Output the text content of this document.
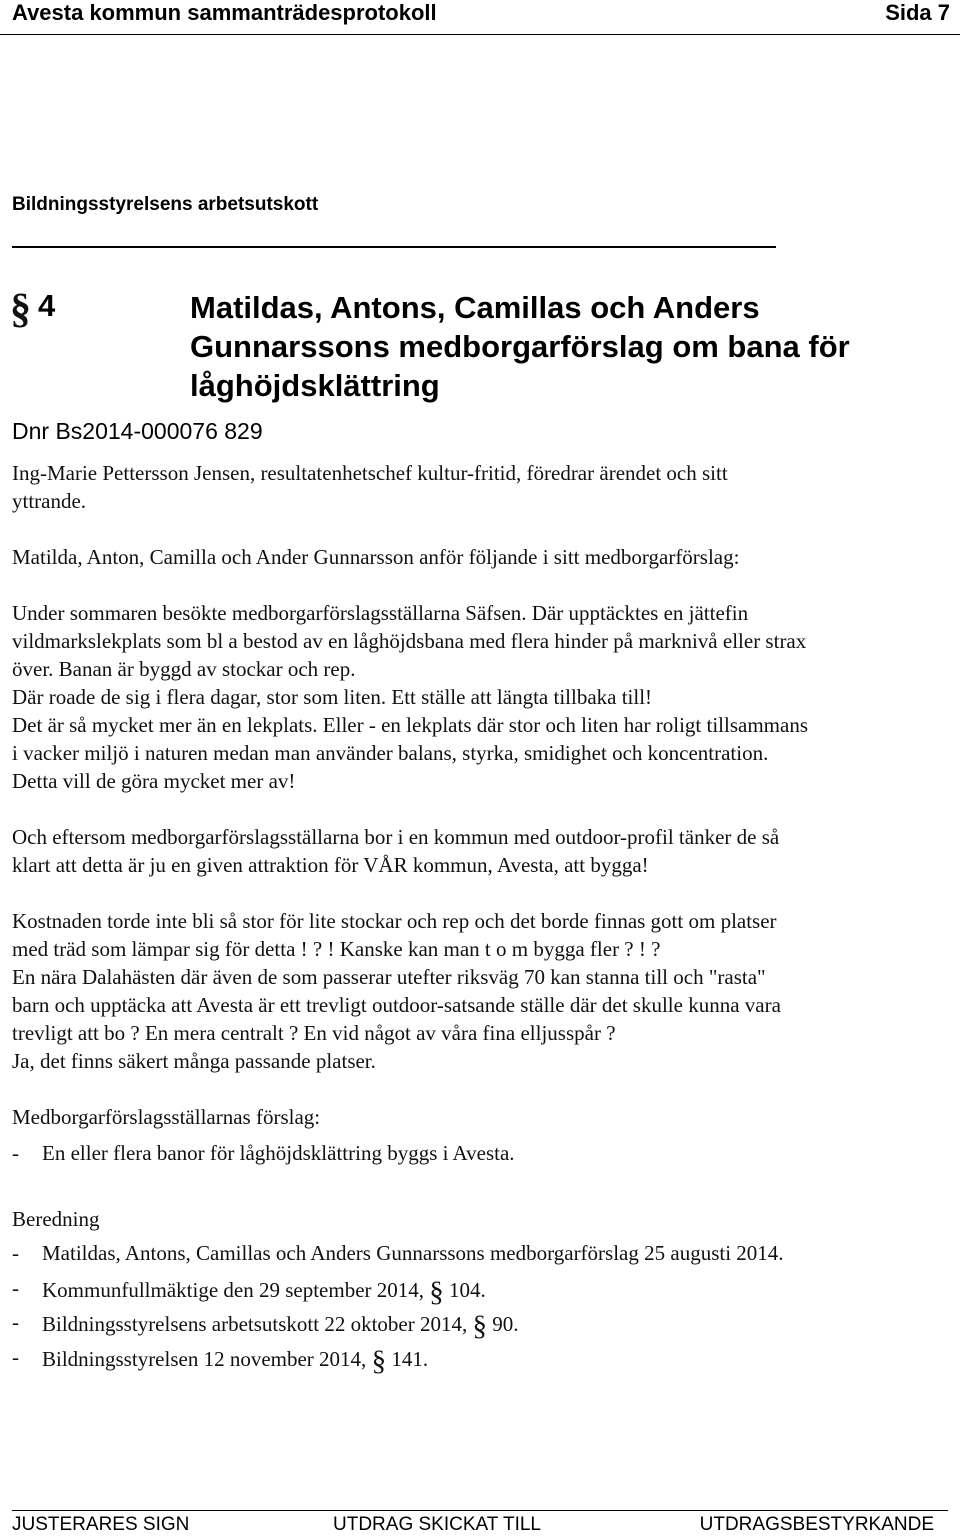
Avesta kommun sammanträdesprotokoll	Sida 7
Bildningsstyrelsens arbetsutskott
§ 4	Matildas, Antons, Camillas och Anders Gunnarssons medborgarförslag om bana för låghöjdsklättring
Dnr Bs2014-000076 829
Ing-Marie Pettersson Jensen, resultatenhetschef kultur-fritid, föredrar ärendet och sitt
yttrande.
Matilda, Anton, Camilla och Ander Gunnarsson anför följande i sitt medborgarförslag:
Under sommaren besökte medborgarförslagsställarna Säfsen. Där upptäcktes en jättefin
vildmarkslekplats som bl a bestod av en låghöjdsbana med flera hinder på marknivå eller strax
över. Banan är byggd av stockar och rep.
Där roade de sig i flera dagar, stor som liten. Ett ställe att längta tillbaka till!
Det är så mycket mer än en lekplats. Eller - en lekplats där stor och liten har roligt tillsammans
i vacker miljö i naturen medan man använder balans, styrka, smidighet och koncentration.
Detta vill de göra mycket mer av!
Och eftersom medborgarförslagsställarna bor i en kommun med outdoor-profil tänker de så
klart att detta är ju en given attraktion för VÅR kommun, Avesta, att bygga!
Kostnaden torde inte bli så stor för lite stockar och rep och det borde finnas gott om platser
med träd som lämpar sig för detta ! ? ! Kanske kan man t o m bygga fler ? ! ?
En nära Dalahästen där även de som passerar utefter riksväg 70 kan stanna till och "rasta"
barn och upptäcka att Avesta är ett trevligt outdoor-satsande ställe där det skulle kunna vara
trevligt att bo ? En mera centralt ? En vid något av våra fina elljusspår ?
Ja, det finns säkert många passande platser.
Medborgarförslagsställarnas förslag:
- En eller flera banor för låghöjdsklättring byggs i Avesta.
Beredning
- Matildas, Antons, Camillas och Anders Gunnarssons medborgarförslag 25 augusti 2014.
- Kommunfullmäktige den 29 september 2014, § 104.
- Bildningsstyrelsens arbetsutskott 22 oktober 2014, § 90.
- Bildningsstyrelsen 12 november 2014, § 141.
JUSTERARES SIGN	UTDRAG SKICKAT TILL	UTDRAGSBESTYRKANDE
